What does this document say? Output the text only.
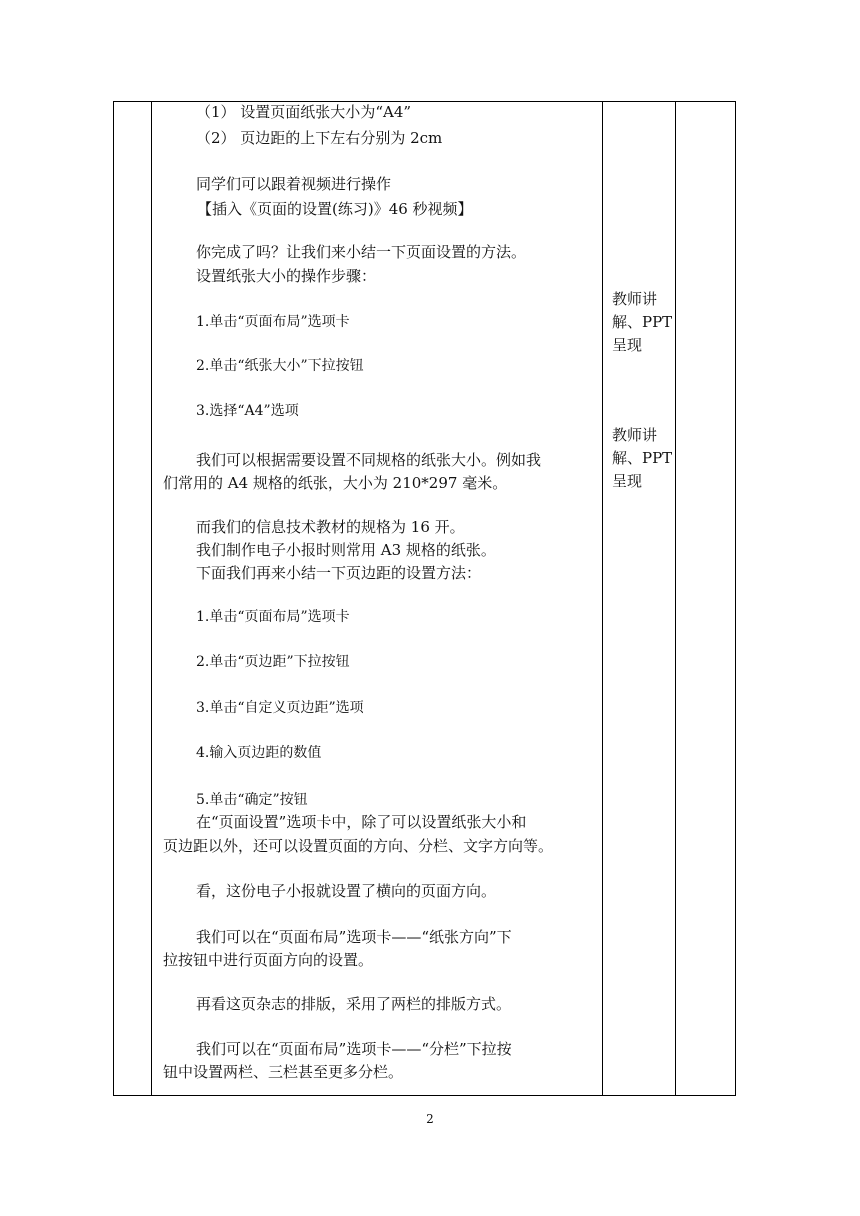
（1） 设置页面纸张大小为“A4”
（2） 页边距的上下左右分别为 2cm
同学们可以跟着视频进行操作
【插入《页面的设置(练习)》46 秒视频】
你完成了吗？让我们来小结一下页面设置的方法。
设置纸张大小的操作步骤：
1.单击“页面布局”选项卡
2.单击“纸张大小”下拉按钮
3.选择“A4”选项
我们可以根据需要设置不同规格的纸张大小。例如我
们常用的 A4 规格的纸张，大小为 210*297 毫米。
而我们的信息技术教材的规格为 16 开。
我们制作电子小报时则常用 A3 规格的纸张。
下面我们再来小结一下页边距的设置方法：
1.单击“页面布局”选项卡
2.单击“页边距”下拉按钮
3.单击“自定义页边距”选项
4.输入页边距的数值
5.单击“确定”按钮
在“页面设置”选项卡中，除了可以设置纸张大小和
页边距以外，还可以设置页面的方向、分栏、文字方向等。
看，这份电子小报就设置了横向的页面方向。
我们可以在“页面布局”选项卡——“纸张方向”下
拉按钮中进行页面方向的设置。
再看这页杂志的排版，采用了两栏的排版方式。
我们可以在“页面布局”选项卡——“分栏”下拉按
钮中设置两栏、三栏甚至更多分栏。
教师讲
解、PPT
呈现
教师讲
解、PPT
呈现
2
